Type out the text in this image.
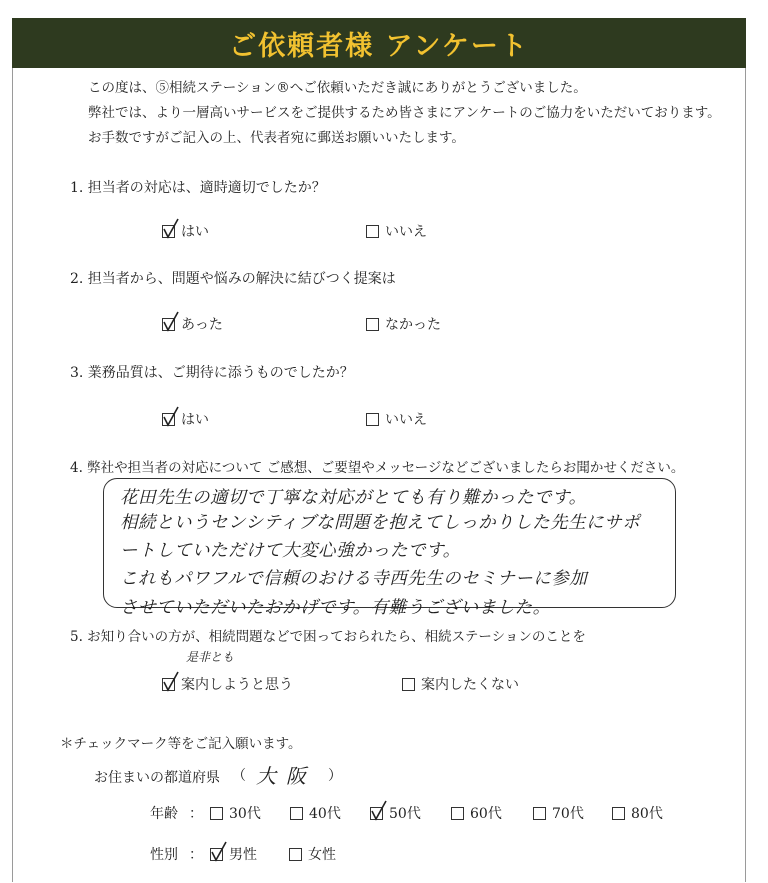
ご依頼者様 アンケート
この度は、⑤相続ステーション®へご依頼いただき誠にありがとうございました。
弊社では、より一層高いサービスをご提供するため皆さまにアンケートのご協力をいただいております。
お手数ですがご記入の上、代表者宛に郵送お願いいたします。
1. 担当者の対応は、適時適切でしたか？
はい	いいえ
2. 担当者から、問題や悩みの解決に結びつく提案は
あった	なかった
3. 業務品質は、ご期待に添うものでしたか？
はい	いいえ
4. 弊社や担当者の対応について ご感想、ご要望やメッセージなどございましたらお聞かせください。
花田先生の適切で丁寧な対応がとても有り難かったです。
相続というセンシティブな問題を抱えてしっかりした先生にサポ
ートしていただけて大変心強かったです。
これもパワフルで信頼のおける寺西先生のセミナーに参加
させていただいたおかげです。有難うございました。
5. お知り合いの方が、相続問題などで困っておられたら、相続ステーションのことを
是非とも
案内しようと思う	案内したくない
＊チェックマーク等をご記入願います。
お住まいの都道府県 （ 大阪 ）
年齢 ： 30代	40代	50代	60代	70代	80代
性別 ： 男性	女性
